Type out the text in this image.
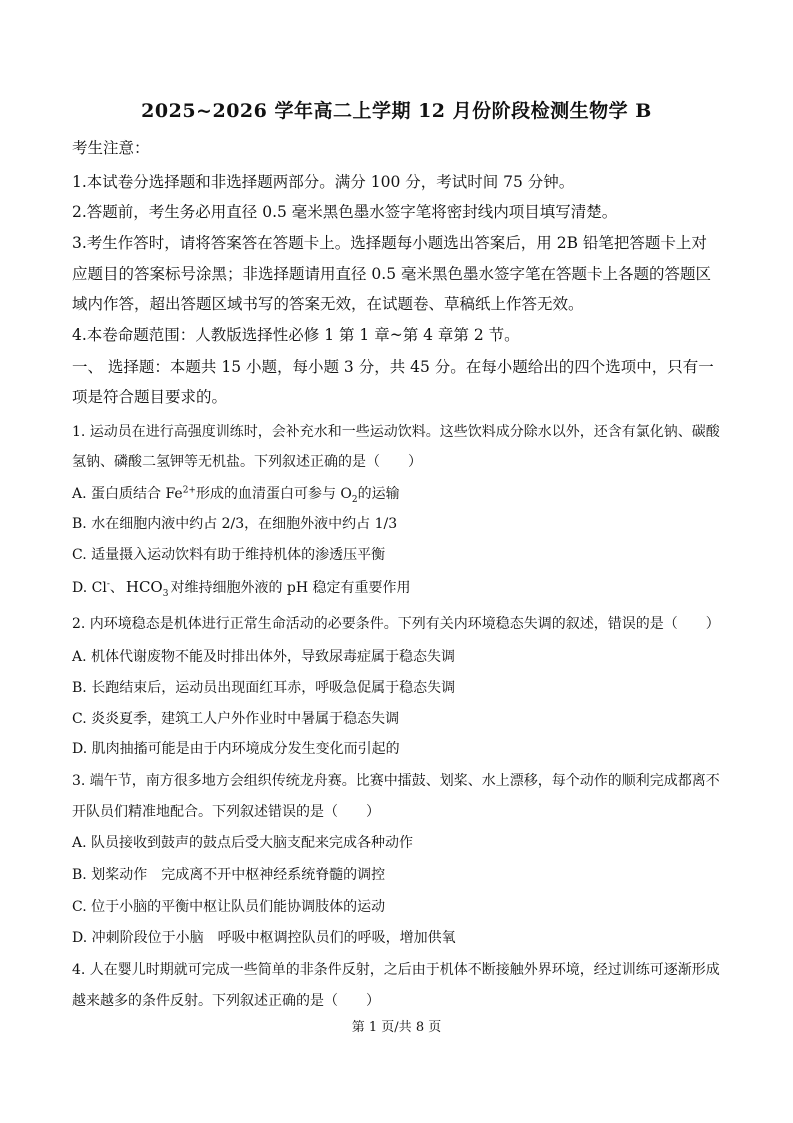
2025~2026 学年高二上学期 12 月份阶段检测生物学 B
考生注意：
1.本试卷分选择题和非选择题两部分。满分 100 分，考试时间 75 分钟。
2.答题前，考生务必用直径 0.5 毫米黑色墨水签字笔将密封线内项目填写清楚。
3.考生作答时，请将答案答在答题卡上。选择题每小题选出答案后，用 2B 铅笔把答题卡上对
应题目的答案标号涂黑；非选择题请用直径 0.5 毫米黑色墨水签字笔在答题卡上各题的答题区
域内作答，超出答题区域书写的答案无效，在试题卷、草稿纸上作答无效。
4.本卷命题范围：人教版选择性必修 1 第 1 章~第 4 章第 2 节。
一、 选择题：本题共 15 小题，每小题 3 分，共 45 分。在每小题给出的四个选项中，只有一
项是符合题目要求的。
1. 运动员在进行高强度训练时，会补充水和一些运动饮料。这些饮料成分除水以外，还含有氯化钠、碳酸
氢钠、磷酸二氢钾等无机盐。下列叙述正确的是（　　）
A. 蛋白质结合 $Fe^{2+}$形成的血清蛋白可参与 $O_2$的运输
B. 水在细胞内液中约占 2/3，在细胞外液中约占 1/3
C. 适量摄入运动饮料有助于维持机体的渗透压平衡
D. Cl-、 $HCO_3$ 对维持细胞外液的 pH 稳定有重要作用
2. 内环境稳态是机体进行正常生命活动的必要条件。下列有关内环境稳态失调的叙述，错误的是（　　）
A. 机体代谢废物不能及时排出体外，导致尿毒症属于稳态失调
B. 长跑结束后，运动员出现面红耳赤，呼吸急促属于稳态失调
C. 炎炎夏季，建筑工人户外作业时中暑属于稳态失调
D. 肌肉抽搐可能是由于内环境成分发生变化而引起的
3. 端午节，南方很多地方会组织传统龙舟赛。比赛中擂鼓、划桨、水上漂移，每个动作的顺利完成都离不
开队员们精准地配合。下列叙述错误的是（　　）
A. 队员接收到鼓声的鼓点后受大脑支配来完成各种动作
B. 划桨动作　完成离不开中枢神经系统脊髓的调控
C. 位于小脑的平衡中枢让队员们能协调肢体的运动
D. 冲刺阶段位于小脑　呼吸中枢调控队员们的呼吸，增加供氧
4. 人在婴儿时期就可完成一些简单的非条件反射，之后由于机体不断接触外界环境，经过训练可逐渐形成
越来越多的条件反射。下列叙述正确的是（　　）
第 1 页/共 8 页
